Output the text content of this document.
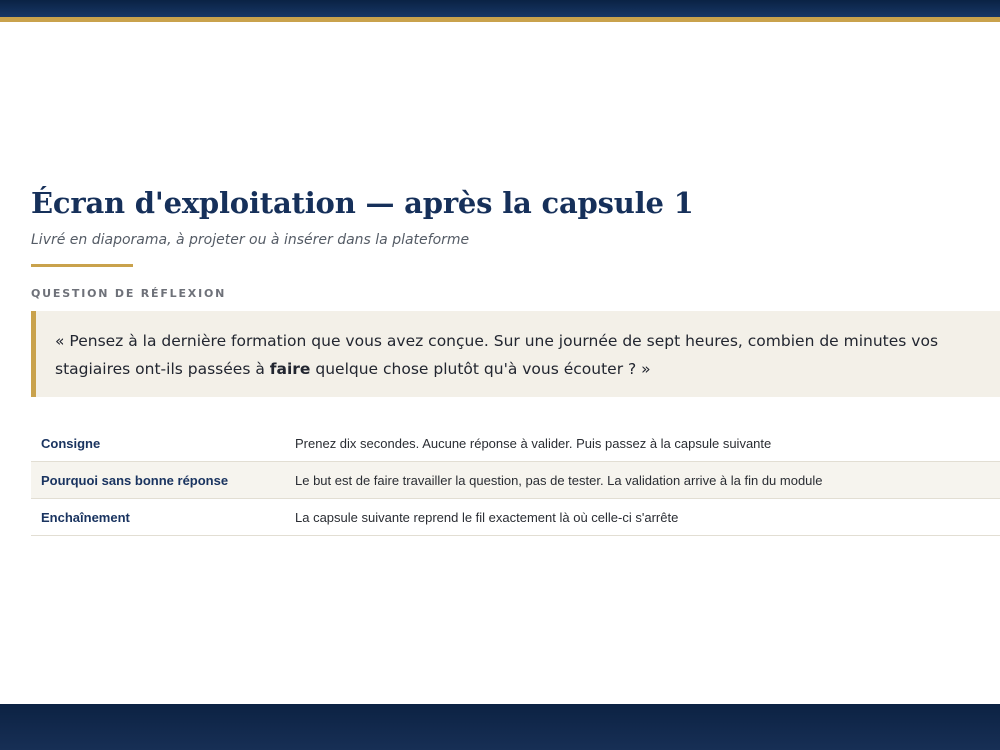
Écran d'exploitation — après la capsule 1
Livré en diaporama, à projeter ou à insérer dans la plateforme
QUESTION DE RÉFLEXION

« Pensez à la dernière formation que vous avez conçue. Sur une journée de sept heures, combien de minutes vos stagiaires ont-ils passées à faire quelque chose plutôt qu'à vous écouter ? »

Consigne	Prenez dix secondes. Aucune réponse à valider. Puis passez à la capsule suivante
Pourquoi sans bonne réponse	Le but est de faire travailler la question, pas de tester. La validation arrive à la fin du module
Enchaînement	La capsule suivante reprend le fil exactement là où celle-ci s'arrête
